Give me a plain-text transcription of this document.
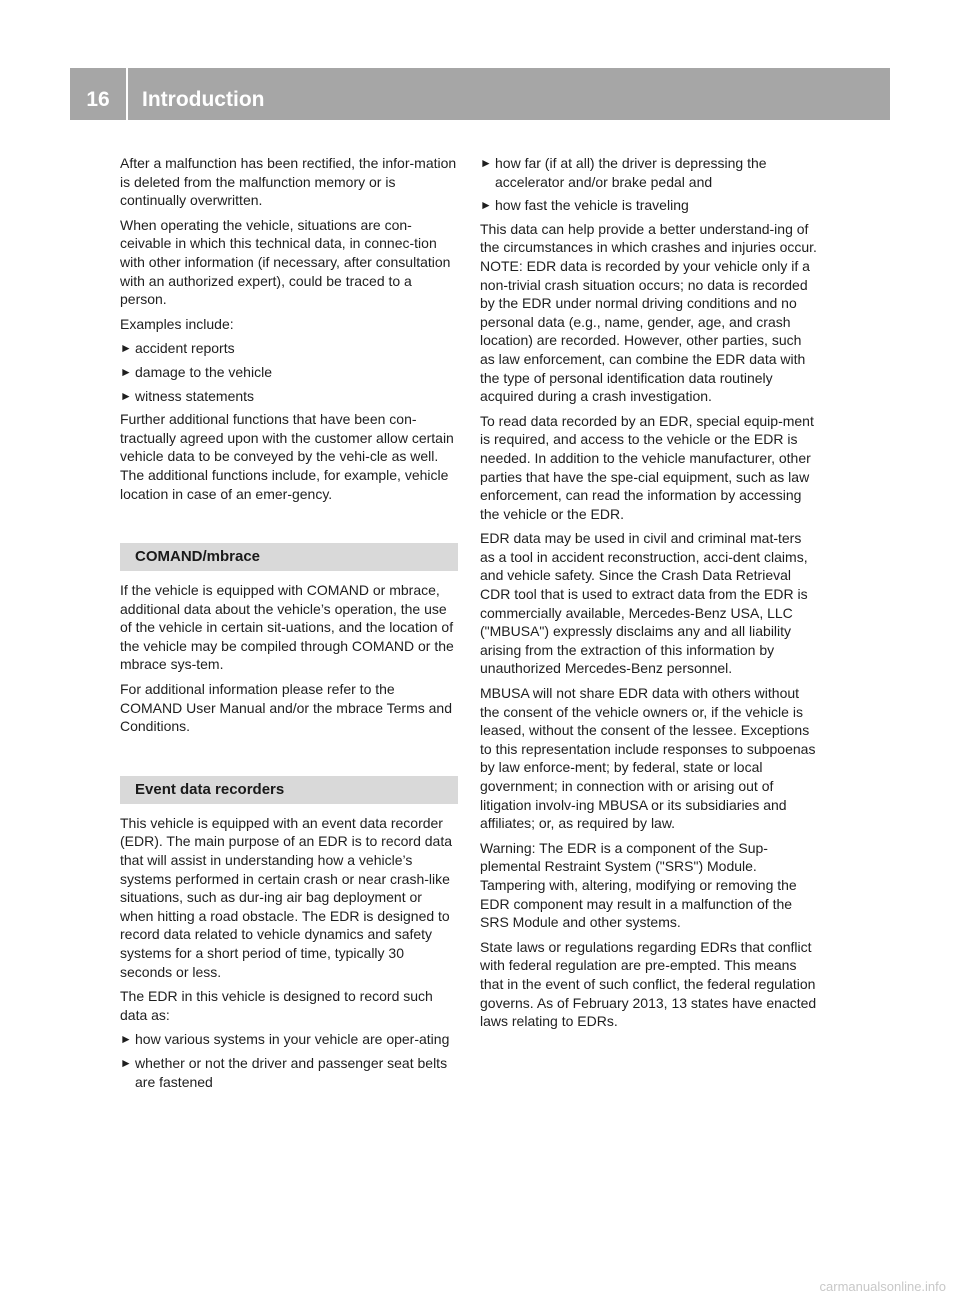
16	Introduction

After a malfunction has been rectified, the infor-mation is deleted from the malfunction memory or is continually overwritten.

When operating the vehicle, situations are con-ceivable in which this technical data, in connec-tion with other information (if necessary, after consultation with an authorized expert), could be traced to a person.

Examples include:

► accident reports
► damage to the vehicle
► witness statements

Further additional functions that have been con-tractually agreed upon with the customer allow certain vehicle data to be conveyed by the vehi-cle as well. The additional functions include, for example, vehicle location in case of an emer-gency.

COMAND/mbrace

If the vehicle is equipped with COMAND or mbrace, additional data about the vehicle’s operation, the use of the vehicle in certain sit-uations, and the location of the vehicle may be compiled through COMAND or the mbrace sys-tem.

For additional information please refer to the COMAND User Manual and/or the mbrace Terms and Conditions.

Event data recorders

This vehicle is equipped with an event data recorder (EDR). The main purpose of an EDR is to record data that will assist in understanding how a vehicle’s systems performed in certain crash or near crash-like situations, such as dur-ing air bag deployment or when hitting a road obstacle. The EDR is designed to record data related to vehicle dynamics and safety systems for a short period of time, typically 30 seconds or less.

The EDR in this vehicle is designed to record such data as:

► how various systems in your vehicle are oper-ating
► whether or not the driver and passenger seat belts are fastened
► how far (if at all) the driver is depressing the accelerator and/or brake pedal and
► how fast the vehicle is traveling

This data can help provide a better understand-ing of the circumstances in which crashes and injuries occur. NOTE: EDR data is recorded by your vehicle only if a non-trivial crash situation occurs; no data is recorded by the EDR under normal driving conditions and no personal data (e.g., name, gender, age, and crash location) are recorded. However, other parties, such as law enforcement, can combine the EDR data with the type of personal identification data routinely acquired during a crash investigation.

To read data recorded by an EDR, special equip-ment is required, and access to the vehicle or the EDR is needed. In addition to the vehicle manufacturer, other parties that have the spe-cial equipment, such as law enforcement, can read the information by accessing the vehicle or the EDR.

EDR data may be used in civil and criminal mat-ters as a tool in accident reconstruction, acci-dent claims, and vehicle safety. Since the Crash Data Retrieval CDR tool that is used to extract data from the EDR is commercially available, Mercedes-Benz USA, LLC ("MBUSA") expressly disclaims any and all liability arising from the extraction of this information by unauthorized Mercedes-Benz personnel.

MBUSA will not share EDR data with others without the consent of the vehicle owners or, if the vehicle is leased, without the consent of the lessee. Exceptions to this representation include responses to subpoenas by law enforce-ment; by federal, state or local government; in connection with or arising out of litigation involv-ing MBUSA or its subsidiaries and affiliates; or, as required by law.

Warning: The EDR is a component of the Sup-plemental Restraint System ("SRS") Module. Tampering with, altering, modifying or removing the EDR component may result in a malfunction of the SRS Module and other systems.

State laws or regulations regarding EDRs that conflict with federal regulation are pre-empted. This means that in the event of such conflict, the federal regulation governs. As of February 2013, 13 states have enacted laws relating to EDRs.

carmanualsonline.info
